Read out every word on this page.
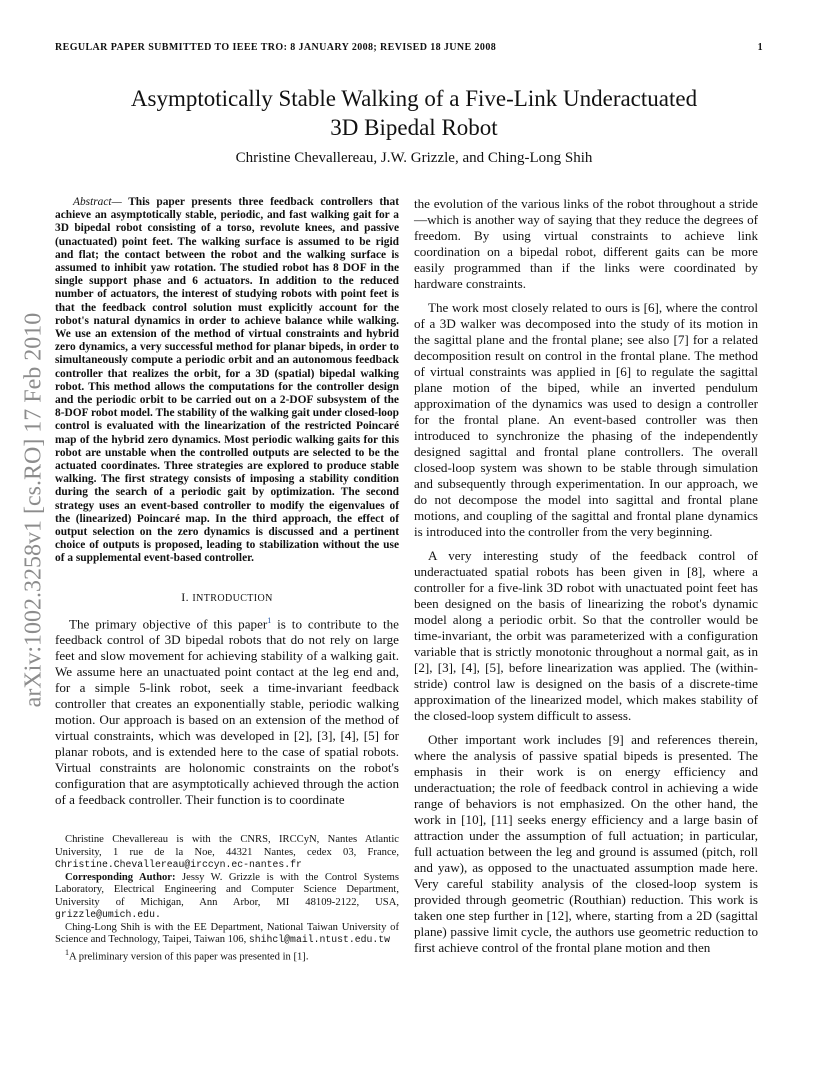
REGULAR PAPER SUBMITTED TO IEEE TRO: 8 JANUARY 2008; REVISED 18 JUNE 2008	1
Asymptotically Stable Walking of a Five-Link Underactuated
3D Bipedal Robot
Christine Chevallereau, J.W. Grizzle, and Ching-Long Shih
arXiv:1002.3258v1 [cs.RO] 17 Feb 2010

Abstract— This paper presents three feedback controllers that achieve an asymptotically stable, periodic, and fast walking gait for a 3D bipedal robot consisting of a torso, revolute knees, and passive (unactuated) point feet. The walking surface is assumed to be rigid and flat; the contact between the robot and the walking surface is assumed to inhibit yaw rotation. The studied robot has 8 DOF in the single support phase and 6 actuators. In addition to the reduced number of actuators, the interest of studying robots with point feet is that the feedback control solution must explicitly account for the robot's natural dynamics in order to achieve balance while walking. We use an extension of the method of virtual constraints and hybrid zero dynamics, a very successful method for planar bipeds, in order to simultaneously compute a periodic orbit and an autonomous feedback controller that realizes the orbit, for a 3D (spatial) bipedal walking robot. This method allows the computations for the controller design and the periodic orbit to be carried out on a 2-DOF subsystem of the 8-DOF robot model. The stability of the walking gait under closed-loop control is evaluated with the linearization of the restricted Poincaré map of the hybrid zero dynamics. Most periodic walking gaits for this robot are unstable when the controlled outputs are selected to be the actuated coordinates. Three strategies are explored to produce stable walking. The first strategy consists of imposing a stability condition during the search of a periodic gait by optimization. The second strategy uses an event-based controller to modify the eigenvalues of the (linearized) Poincaré map. In the third approach, the effect of output selection on the zero dynamics is discussed and a pertinent choice of outputs is proposed, leading to stabilization without the use of a supplemental event-based controller.

I. INTRODUCTION

The primary objective of this paper$^1$ is to contribute to the feedback control of 3D bipedal robots that do not rely on large feet and slow movement for achieving stability of a walking gait. We assume here an unactuated point contact at the leg end and, for a simple 5-link robot, seek a time-invariant feedback controller that creates an exponentially stable, periodic walking motion. Our approach is based on an extension of the method of virtual constraints, which was developed in [2], [3], [4], [5] for planar robots, and is extended here to the case of spatial robots. Virtual constraints are holonomic constraints on the robot's configuration that are asymptotically achieved through the action of a feedback controller. Their function is to coordinate

Christine Chevallereau is with the CNRS, IRCCyN, Nantes Atlantic University, 1 rue de la Noe, 44321 Nantes, cedex 03, France, Christine.Chevallereau@irccyn.ec-nantes.fr

Corresponding Author: Jessy W. Grizzle is with the Control Systems Laboratory, Electrical Engineering and Computer Science Department, University of Michigan, Ann Arbor, MI 48109-2122, USA, grizzle@umich.edu.

Ching-Long Shih is with the EE Department, National Taiwan University of Science and Technology, Taipei, Taiwan 106, shihcl@mail.ntust.edu.tw

$^1$A preliminary version of this paper was presented in [1].

the evolution of the various links of the robot throughout a stride—which is another way of saying that they reduce the degrees of freedom. By using virtual constraints to achieve link coordination on a bipedal robot, different gaits can be more easily programmed than if the links were coordinated by hardware constraints.

The work most closely related to ours is [6], where the control of a 3D walker was decomposed into the study of its motion in the sagittal plane and the frontal plane; see also [7] for a related decomposition result on control in the frontal plane. The method of virtual constraints was applied in [6] to regulate the sagittal plane motion of the biped, while an inverted pendulum approximation of the dynamics was used to design a controller for the frontal plane. An event-based controller was then introduced to synchronize the phasing of the independently designed sagittal and frontal plane controllers. The overall closed-loop system was shown to be stable through simulation and subsequently through experimentation. In our approach, we do not decompose the model into sagittal and frontal plane motions, and coupling of the sagittal and frontal plane dynamics is introduced into the controller from the very beginning.

A very interesting study of the feedback control of underactuated spatial robots has been given in [8], where a controller for a five-link 3D robot with unactuated point feet has been designed on the basis of linearizing the robot's dynamic model along a periodic orbit. So that the controller would be time-invariant, the orbit was parameterized with a configuration variable that is strictly monotonic throughout a normal gait, as in [2], [3], [4], [5], before linearization was applied. The (within-stride) control law is designed on the basis of a discrete-time approximation of the linearized model, which makes stability of the closed-loop system difficult to assess.

Other important work includes [9] and references therein, where the analysis of passive spatial bipeds is presented. The emphasis in their work is on energy efficiency and underactuation; the role of feedback control in achieving a wide range of behaviors is not emphasized. On the other hand, the work in [10], [11] seeks energy efficiency and a large basin of attraction under the assumption of full actuation; in particular, full actuation between the leg and ground is assumed (pitch, roll and yaw), as opposed to the unactuated assumption made here. Very careful stability analysis of the closed-loop system is provided through geometric (Routhian) reduction. This work is taken one step further in [12], where, starting from a 2D (sagittal plane) passive limit cycle, the authors use geometric reduction to first achieve control of the frontal plane motion and then
